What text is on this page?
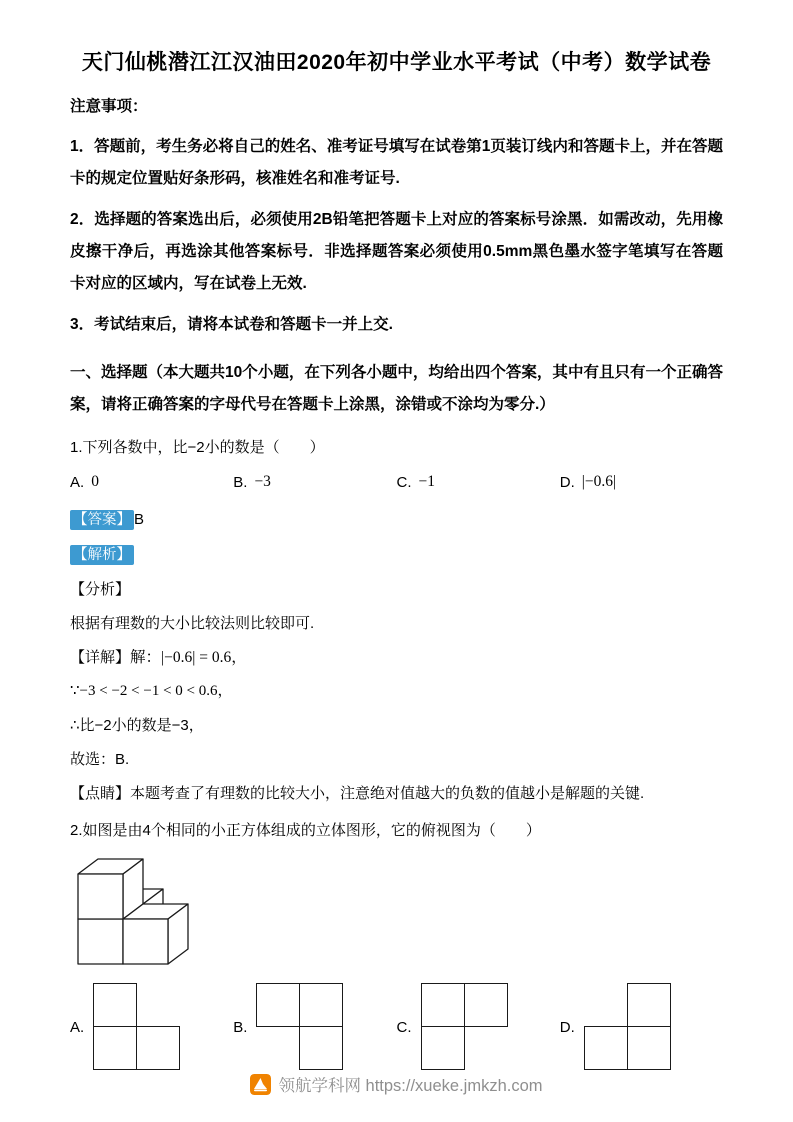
天门仙桃潜江江汉油田2020年初中学业水平考试（中考）数学试卷
注意事项：
1．答题前，考生务必将自己的姓名、准考证号填写在试卷第1页装订线内和答题卡上，并在答题卡的规定位置贴好条形码，核准姓名和准考证号.
2．选择题的答案选出后，必须使用2B铅笔把答题卡上对应的答案标号涂黑．如需改动，先用橡皮擦干净后，再选涂其他答案标号．非选择题答案必须使用0.5mm黑色墨水签字笔填写在答题卡对应的区域内，写在试卷上无效.
3．考试结束后，请将本试卷和答题卡一并上交.
一、选择题（本大题共10个小题，在下列各小题中，均给出四个答案，其中有且只有一个正确答案，请将正确答案的字母代号在答题卡上涂黑，涂错或不涂均为零分.）
1.下列各数中，比−2小的数是（　　）
A. 0	B. −3	C. −1	D. |−0.6|
【答案】 B
【解析】
【分析】
根据有理数的大小比较法则比较即可.
【详解】解：|−0.6| = 0.6，
∵−3 < −2 < −1 < 0 < 0.6，
∴比−2小的数是−3，
故选：B.
【点睛】本题考查了有理数的比较大小，注意绝对值越大的负数的值越小是解题的关键.
2.如图是由4个相同的小正方体组成的立体图形，它的俯视图为（　　）
A.	B.	C.	D.
领航学科网 https://xueke.jmkzh.com
